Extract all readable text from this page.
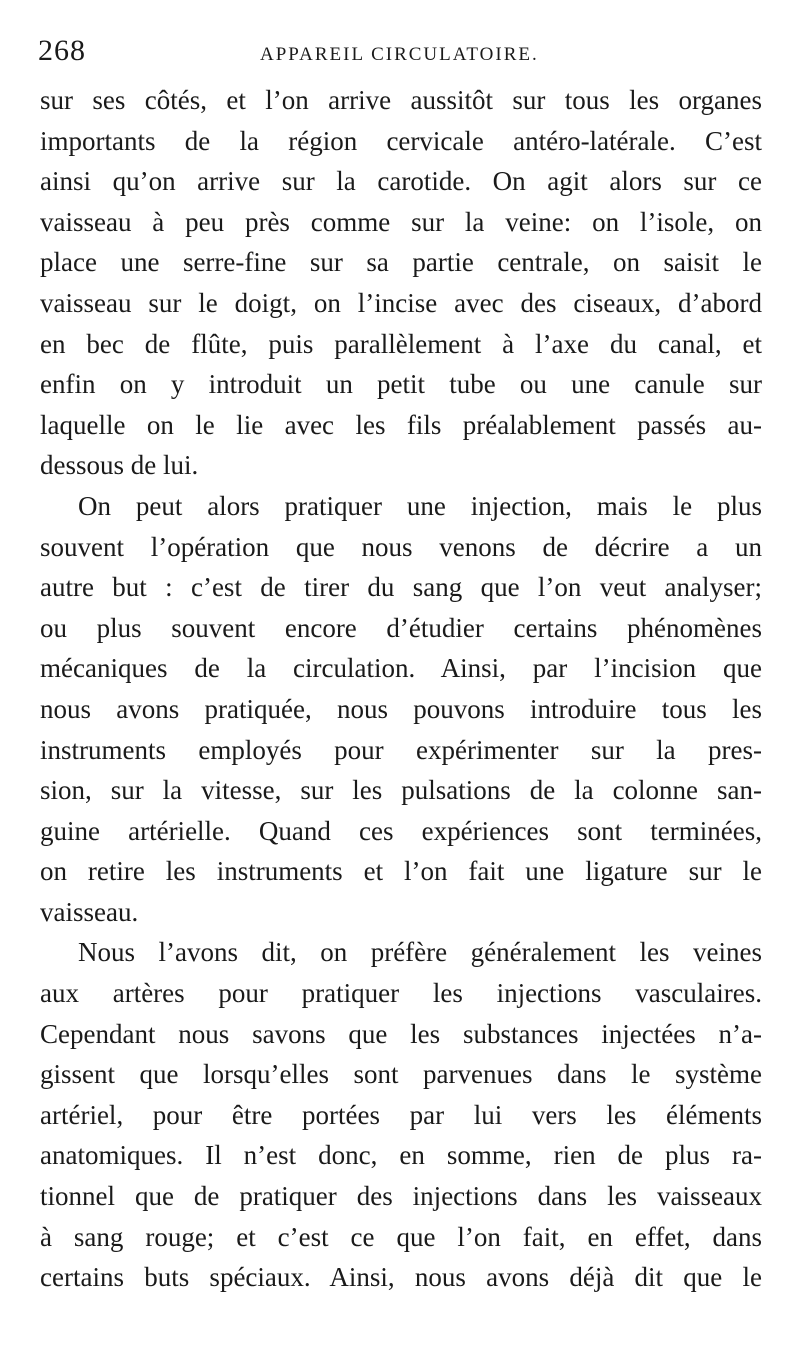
268	APPAREIL CIRCULATOIRE.
sur ses côtés, et l’on arrive aussitôt sur tous les organes
importants de la région cervicale antéro-latérale. C’est
ainsi qu’on arrive sur la carotide. On agit alors sur ce
vaisseau à peu près comme sur la veine: on l’isole, on
place une serre-fine sur sa partie centrale, on saisit le
vaisseau sur le doigt, on l’incise avec des ciseaux, d’abord
en bec de flûte, puis parallèlement à l’axe du canal, et
enfin on y introduit un petit tube ou une canule sur
laquelle on le lie avec les fils préalablement passés au-
dessous de lui.
On peut alors pratiquer une injection, mais le plus
souvent l’opération que nous venons de décrire a un
autre but : c’est de tirer du sang que l’on veut analyser;
ou plus souvent encore d’étudier certains phénomènes
mécaniques de la circulation. Ainsi, par l’incision que
nous avons pratiquée, nous pouvons introduire tous les
instruments employés pour expérimenter sur la pres-
sion, sur la vitesse, sur les pulsations de la colonne san-
guine artérielle. Quand ces expériences sont terminées,
on retire les instruments et l’on fait une ligature sur le
vaisseau.
Nous l’avons dit, on préfère généralement les veines
aux artères pour pratiquer les injections vasculaires.
Cependant nous savons que les substances injectées n’a-
gissent que lorsqu’elles sont parvenues dans le système
artériel, pour être portées par lui vers les éléments
anatomiques. Il n’est donc, en somme, rien de plus ra-
tionnel que de pratiquer des injections dans les vaisseaux
à sang rouge; et c’est ce que l’on fait, en effet, dans
certains buts spéciaux. Ainsi, nous avons déjà dit que le
